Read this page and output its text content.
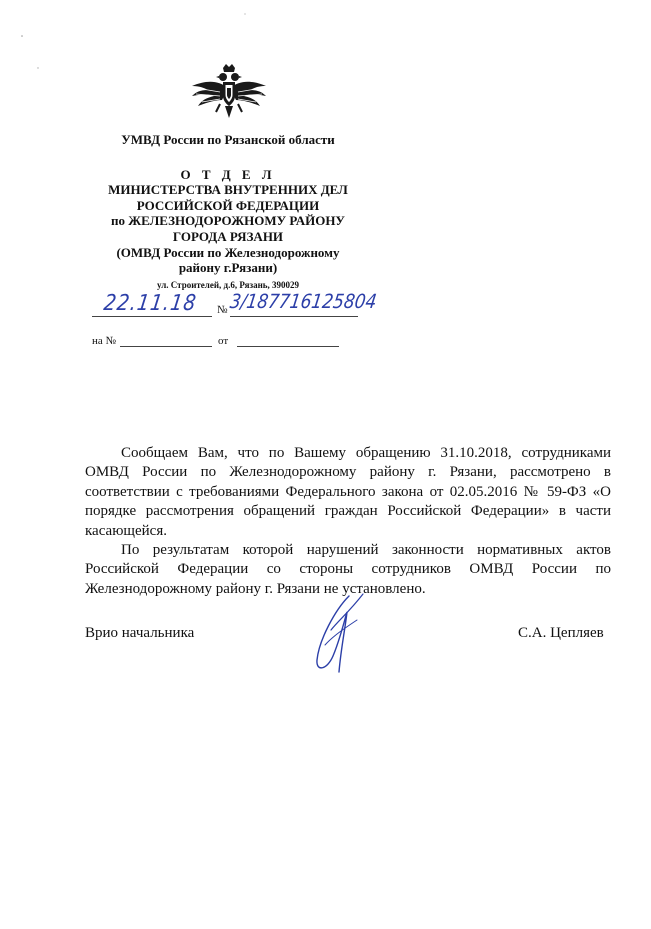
УМВД России по Рязанской области
О Т Д Е Л
МИНИСТЕРСТВА ВНУТРЕННИХ ДЕЛ
РОССИЙСКОЙ ФЕДЕРАЦИИ
по ЖЕЛЕЗНОДОРОЖНОМУ РАЙОНУ
ГОРОДА РЯЗАНИ
(ОМВД России по Железнодорожному
району г.Рязани)
ул. Строителей, д.6, Рязань, 390029
22.11.18 № 3/187716125804
на №	от

Сообщаем Вам, что по Вашему обращению 31.10.2018, сотрудниками ОМВД России по Железнодорожному району г. Рязани, рассмотрено в соответствии с требованиями Федерального закона от 02.05.2016 № 59-ФЗ «О порядке рассмотрения обращений граждан Российской Федерации» в части касающейся.

По результатам которой нарушений законности нормативных актов Российской Федерации со стороны сотрудников ОМВД России по Железнодорожному району г. Рязани не установлено.

Врио начальника	С.А. Цепляев
